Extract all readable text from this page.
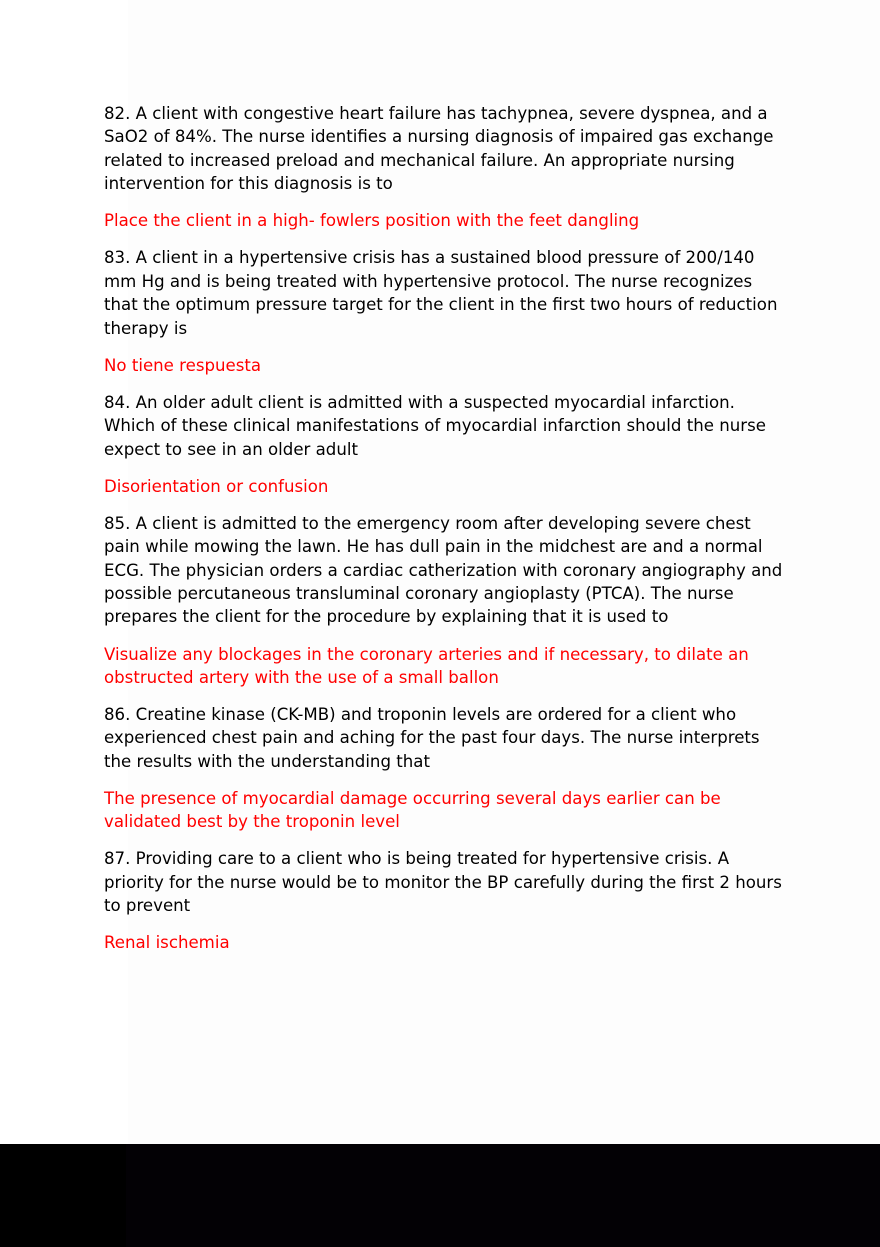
82. A client with congestive heart failure has tachypnea, severe dyspnea, and a SaO2 of 84%. The nurse identifies a nursing diagnosis of impaired gas exchange related to increased preload and mechanical failure. An appropriate nursing intervention for this diagnosis is to

Place the client in a high- fowlers position with the feet dangling

83. A client in a hypertensive crisis has a sustained blood pressure of 200/140 mm Hg and is being treated with hypertensive protocol. The nurse recognizes that the optimum pressure target for the client in the first two hours of reduction therapy is

No tiene respuesta

84. An older adult client is admitted with a suspected myocardial infarction. Which of these clinical manifestations of myocardial infarction should the nurse expect to see in an older adult

Disorientation or confusion

85. A client is admitted to the emergency room after developing severe chest pain while mowing the lawn. He has dull pain in the midchest are and a normal ECG. The physician orders a cardiac catherization with coronary angiography and possible percutaneous transluminal coronary angioplasty (PTCA). The nurse prepares the client for the procedure by explaining that it is used to

Visualize any blockages in the coronary arteries and if necessary, to dilate an obstructed artery with the use of a small ballon

86. Creatine kinase (CK-MB) and troponin levels are ordered for a client who experienced chest pain and aching for the past four days. The nurse interprets the results with the understanding that

The presence of myocardial damage occurring several days earlier can be validated best by the troponin level

87. Providing care to a client who is being treated for hypertensive crisis. A priority for the nurse would be to monitor the BP carefully during the first 2 hours to prevent

Renal ischemia
